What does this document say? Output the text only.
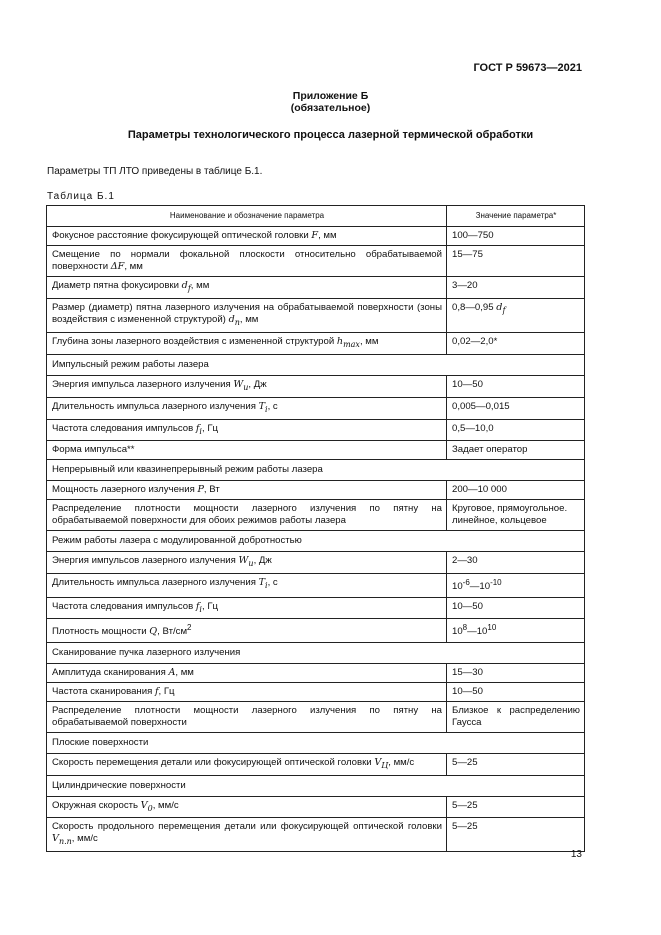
ГОСТ Р 59673—2021
Приложение Б
(обязательное)
Параметры технологического процесса лазерной термической обработки
Параметры ТП ЛТО приведены в таблице Б.1.
Таблица Б.1
Наименование и обозначение параметра	Значение параметра*
Фокусное расстояние фокусирующей оптической головки F, мм	100—750
Смещение по нормали фокальной плоскости относительно обрабатываемой поверхности ΔF, мм	15—75
Диаметр пятна фокусировки $d_f$, мм	3—20
Размер (диаметр) пятна лазерного излучения на обрабатываемой поверхности (зоны воздействия с измененной структурой) $d_п$, мм	0,8—0,95 $d_f$
Глубина зоны лазерного воздействия с измененной структурой $h_{max}$, мм	0,02—2,0*
Импульсный режим работы лазера	
Энергия импульса лазерного излучения $W_и$, Дж	10—50
Длительность импульса лазерного излучения $T_i$, с	0,005—0,015
Частота следования импульсов $f_i$, Гц	0,5—10,0
Форма импульса**	Задает оператор
Непрерывный или квазинепрерывный режим работы лазера	
Мощность лазерного излучения P, Вт	200—10 000
Распределение плотности мощности лазерного излучения по пятну на обрабатываемой поверхности для обоих режимов работы лазера	Круговое, прямоугольное. линейное, кольцевое
Режим работы лазера с модулированной добротностью	
Энергия импульсов лазерного излучения $W_и$, Дж	2—30
Длительность импульса лазерного излучения $T_i$, с	$10^{-6}—10^{-10}$
Частота следования импульсов $f_i$, Гц	10—50
Плотность мощности Q, $Вт/см^2$	$10^8—10^{10}$
Сканирование пучка лазерного излучения	
Амплитуда сканирования A, мм	15—30
Частота сканирования f, Гц	10—50
Распределение плотности мощности лазерного излучения по пятну на обрабатываемой поверхности	Близкое к распределению Гаусса
Плоские поверхности	
Скорость перемещения детали или фокусирующей оптической головки $V_Ц$, мм/с	5—25
Цилиндрические поверхности	
Окружная скорость $V_0$, мм/с	5—25
Скорость продольного перемещения детали или фокусирующей оптической головки $V_{п.п}$, мм/с	5—25
13
